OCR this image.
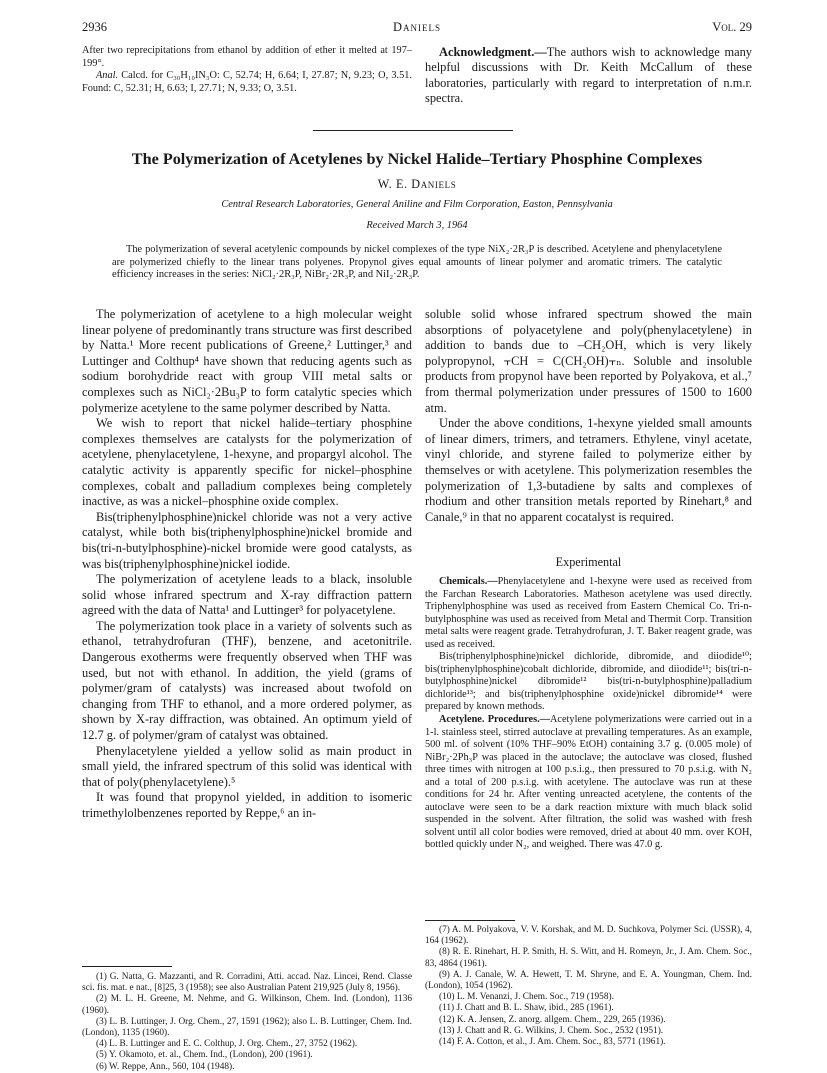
2936	Daniels	Vol. 29

After two reprecipitations from ethanol by addition of ether it melted at 197–199°.

Anal. Calcd. for C₃₀H₁₀IN₃O: C, 52.74; H, 6.64; I, 27.87; N, 9.23; O, 3.51. Found: C, 52.31; H, 6.63; I, 27.71; N, 9.33; O, 3.51.

Acknowledgment.—The authors wish to acknowledge many helpful discussions with Dr. Keith McCallum of these laboratories, particularly with regard to interpretation of n.m.r. spectra.

The Polymerization of Acetylenes by Nickel Halide–Tertiary Phosphine Complexes
W. E. Daniels
Central Research Laboratories, General Aniline and Film Corporation, Easton, Pennsylvania
Received March 3, 1964
The polymerization of several acetylenic compounds by nickel complexes of the type NiX₂·2R₃P is described. Acetylene and phenylacetylene are polymerized chiefly to the linear trans polyenes. Propynol gives equal amounts of linear polymer and aromatic trimers. The catalytic efficiency increases in the series: NiCl₂·2R₃P, NiBr₂·2R₃P, and NiI₂·2R₃P.

The polymerization of acetylene to a high molecular weight linear polyene of predominantly trans structure was first described by Natta.¹ More recent publications of Greene,² Luttinger,³ and Luttinger and Colthup⁴ have shown that reducing agents such as sodium borohydride react with group VIII metal salts or complexes such as NiCl₂·2Bu₃P to form catalytic species which polymerize acetylene to the same polymer described by Natta.

We wish to report that nickel halide–tertiary phosphine complexes themselves are catalysts for the polymerization of acetylene, phenylacetylene, 1-hexyne, and propargyl alcohol. The catalytic activity is apparently specific for nickel–phosphine complexes, cobalt and palladium complexes being completely inactive, as was a nickel–phosphine oxide complex.

Bis(triphenylphosphine)nickel chloride was not a very active catalyst, while both bis(triphenylphosphine)nickel bromide and bis(tri-n-butylphosphine)-nickel bromide were good catalysts, as was bis(triphenylphosphine)nickel iodide.

The polymerization of acetylene leads to a black, insoluble solid whose infrared spectrum and X-ray diffraction pattern agreed with the data of Natta¹ and Luttinger³ for polyacetylene.

The polymerization took place in a variety of solvents such as ethanol, tetrahydrofuran (THF), benzene, and acetonitrile. Dangerous exotherms were frequently observed when THF was used, but not with ethanol. In addition, the yield (grams of polymer/gram of catalysts) was increased about twofold on changing from THF to ethanol, and a more ordered polymer, as shown by X-ray diffraction, was obtained. An optimum yield of 12.7 g. of polymer/gram of catalyst was obtained.

Phenylacetylene yielded a yellow solid as main product in small yield, the infrared spectrum of this solid was identical with that of poly(phenylacetylene).⁵

It was found that propynol yielded, in addition to isomeric trimethylolbenzenes reported by Reppe,⁶ an in-

soluble solid whose infrared spectrum showed the main absorptions of polyacetylene and poly(phenylacetylene) in addition to bands due to –CH₂OH, which is very likely polypropynol, ⫟CH = C(CH₂OH)⫟ₙ. Soluble and insoluble products from propynol have been reported by Polyakova, et al.,⁷ from thermal polymerization under pressures of 1500 to 1600 atm.

Under the above conditions, 1-hexyne yielded small amounts of linear dimers, trimers, and tetramers. Ethylene, vinyl acetate, vinyl chloride, and styrene failed to polymerize either by themselves or with acetylene. This polymerization resembles the polymerization of 1,3-butadiene by salts and complexes of rhodium and other transition metals reported by Rinehart,⁸ and Canale,⁹ in that no apparent cocatalyst is required.

Experimental

Chemicals.—Phenylacetylene and 1-hexyne were used as received from the Farchan Research Laboratories. Matheson acetylene was used directly. Triphenylphosphine was used as received from Eastern Chemical Co. Tri-n-butylphosphine was used as received from Metal and Thermit Corp. Transition metal salts were reagent grade. Tetrahydrofuran, J. T. Baker reagent grade, was used as received.

Bis(triphenylphosphine)nickel dichloride, dibromide, and diiodide¹⁰; bis(triphenylphosphine)cobalt dichloride, dibromide, and diiodide¹¹; bis(tri-n-butylphosphine)nickel dibromide¹² bis(tri-n-butylphosphine)palladium dichloride¹³; and bis(triphenylphosphine oxide)nickel dibromide¹⁴ were prepared by known methods.

Acetylene. Procedures.—Acetylene polymerizations were carried out in a 1-l. stainless steel, stirred autoclave at prevailing temperatures. As an example, 500 ml. of solvent (10% THF–90% EtOH) containing 3.7 g. (0.005 mole) of NiBr₂·2Ph₃P was placed in the autoclave; the autoclave was closed, flushed three times with nitrogen at 100 p.s.i.g., then pressured to 70 p.s.i.g. with N₂ and a total of 200 p.s.i.g. with acetylene. The autoclave was run at these conditions for 24 hr. After venting unreacted acetylene, the contents of the autoclave were seen to be a dark reaction mixture with much black solid suspended in the solvent. After filtration, the solid was washed with fresh solvent until all color bodies were removed, dried at about 40 mm. over KOH, bottled quickly under N₂, and weighed. There was 47.0 g.

(1) G. Natta, G. Mazzanti, and R. Corradini, Atti. accad. Naz. Lincei, Rend. Classe sci. fis. mat. e nat., [8]25, 3 (1958); see also Australian Patent 219,925 (July 8, 1956).

(2) M. L. H. Greene, M. Nehme, and G. Wilkinson, Chem. Ind. (London), 1136 (1960).

(3) L. B. Luttinger, J. Org. Chem., 27, 1591 (1962); also L. B. Luttinger, Chem. Ind. (London), 1135 (1960).

(4) L. B. Luttinger and E. C. Colthup, J. Org. Chem., 27, 3752 (1962).

(5) Y. Okamoto, et. al., Chem. Ind., (London), 200 (1961).

(6) W. Reppe, Ann., 560, 104 (1948).

(7) A. M. Polyakova, V. V. Korshak, and M. D. Suchkova, Polymer Sci. (USSR), 4, 164 (1962).

(8) R. E. Rinehart, H. P. Smith, H. S. Witt, and H. Romeyn, Jr., J. Am. Chem. Soc., 83, 4864 (1961).

(9) A. J. Canale, W. A. Hewett, T. M. Shryne, and E. A. Youngman, Chem. Ind. (London), 1054 (1962).

(10) L. M. Venanzi, J. Chem. Soc., 719 (1958).

(11) J. Chatt and B. L. Shaw, ibid., 285 (1961).

(12) K. A. Jensen, Z. anorg. allgem. Chem., 229, 265 (1936).

(13) J. Chatt and R. G. Wilkins, J. Chem. Soc., 2532 (1951).

(14) F. A. Cotton, et al., J. Am. Chem. Soc., 83, 5771 (1961).
